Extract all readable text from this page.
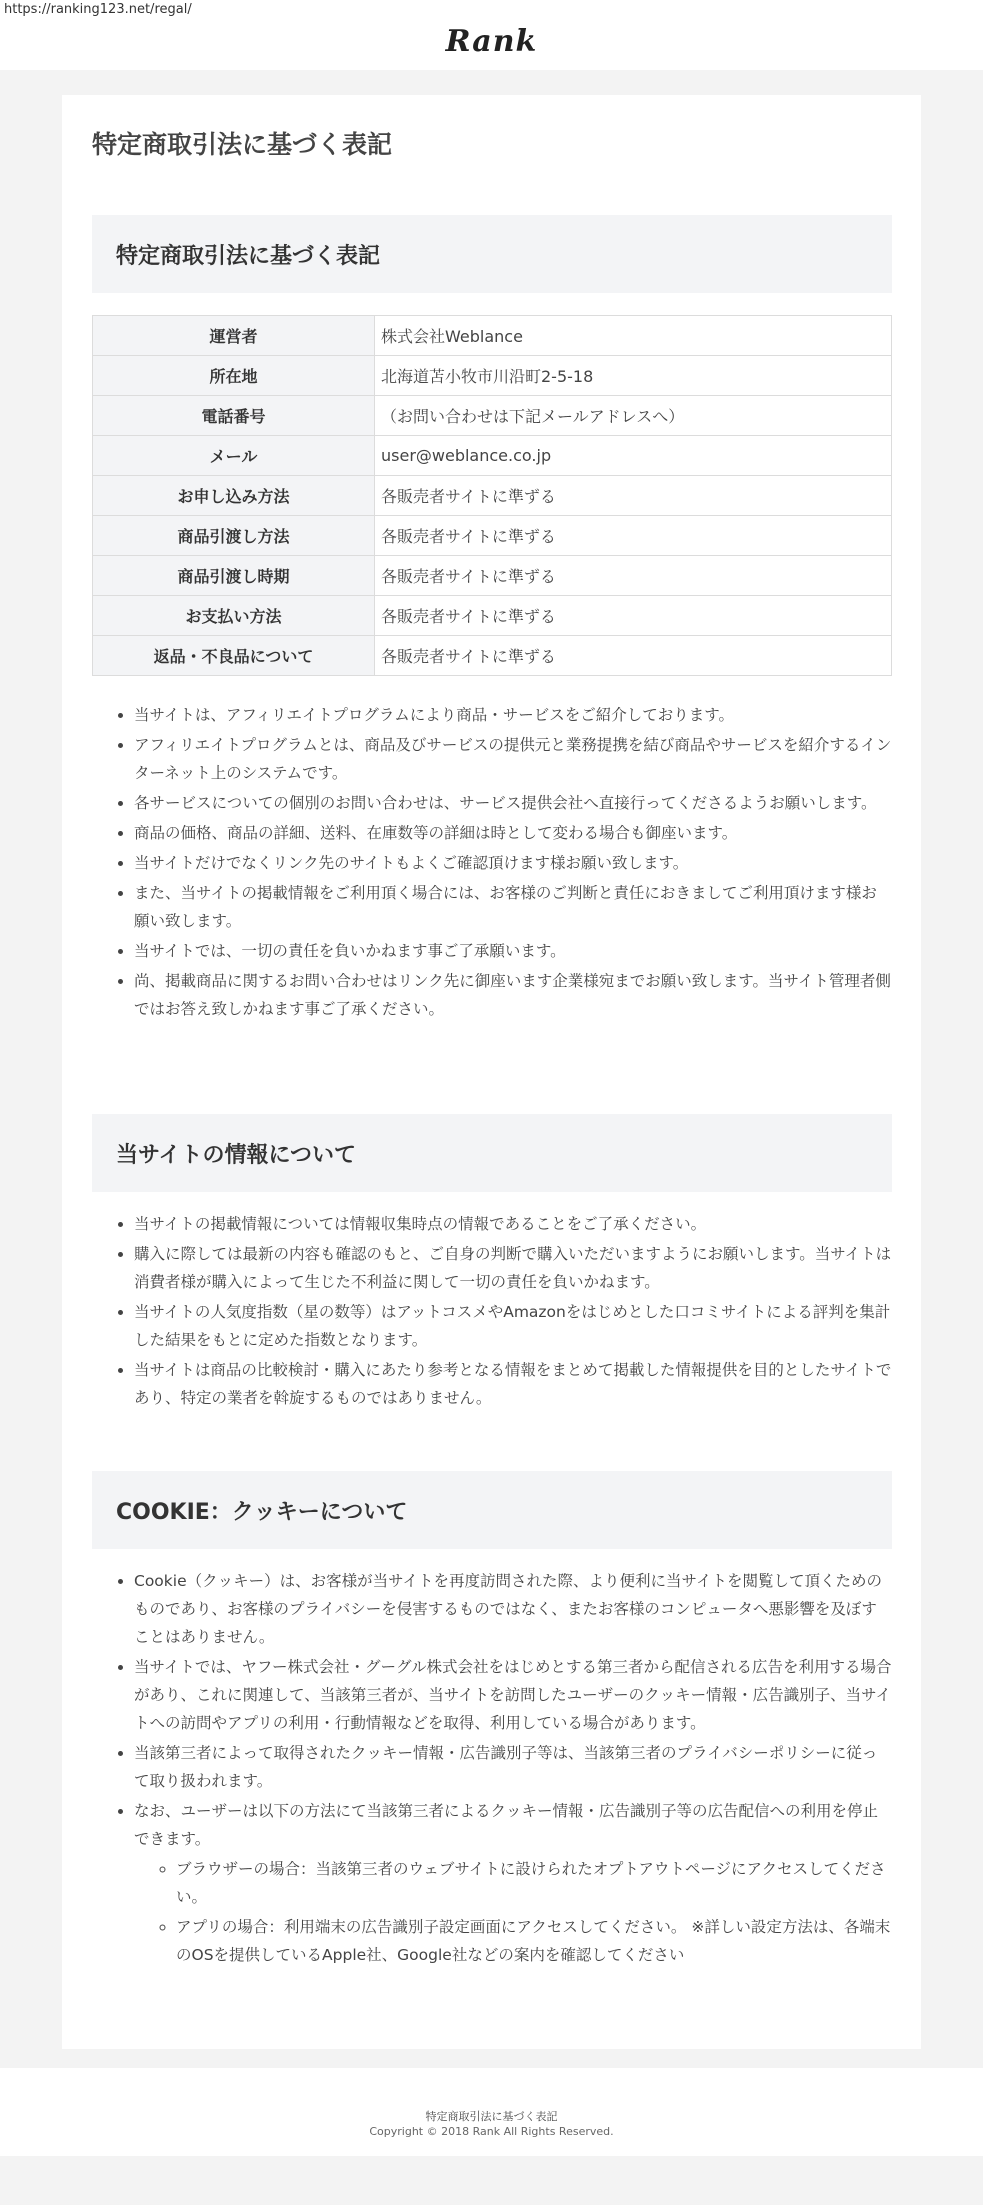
https://ranking123.net/regal/
Rank
特定商取引法に基づく表記
特定商取引法に基づく表記
運営者	株式会社Weblance
所在地	北海道苫小牧市川沿町2-5-18
電話番号	（お問い合わせは下記メールアドレスへ）
メール	user@weblance.co.jp
お申し込み方法	各販売者サイトに準ずる
商品引渡し方法	各販売者サイトに準ずる
商品引渡し時期	各販売者サイトに準ずる
お支払い方法	各販売者サイトに準ずる
返品・不良品について	各販売者サイトに準ずる
• 当サイトは、アフィリエイトプログラムにより商品・サービスをご紹介しております。
• アフィリエイトプログラムとは、商品及びサービスの提供元と業務提携を結び商品やサービスを紹介するインターネット上のシステムです。
• 各サービスについての個別のお問い合わせは、サービス提供会社へ直接行ってくださるようお願いします。
• 商品の価格、商品の詳細、送料、在庫数等の詳細は時として変わる場合も御座います。
• 当サイトだけでなくリンク先のサイトもよくご確認頂けます様お願い致します。
• また、当サイトの掲載情報をご利用頂く場合には、お客様のご判断と責任におきましてご利用頂けます様お願い致します。
• 当サイトでは、一切の責任を負いかねます事ご了承願います。
• 尚、掲載商品に関するお問い合わせはリンク先に御座います企業様宛までお願い致します。当サイト管理者側ではお答え致しかねます事ご了承ください。
当サイトの情報について
• 当サイトの掲載情報については情報収集時点の情報であることをご了承ください。
• 購入に際しては最新の内容も確認のもと、ご自身の判断で購入いただいますようにお願いします。当サイトは消費者様が購入によって生じた不利益に関して一切の責任を負いかねます。
• 当サイトの人気度指数（星の数等）はアットコスメやAmazonをはじめとした口コミサイトによる評判を集計した結果をもとに定めた指数となります。
• 当サイトは商品の比較検討・購入にあたり参考となる情報をまとめて掲載した情報提供を目的としたサイトであり、特定の業者を斡旋するものではありません。
COOKIE：クッキーについて
• Cookie（クッキー）は、お客様が当サイトを再度訪問された際、より便利に当サイトを閲覧して頂くためのものであり、お客様のプライバシーを侵害するものではなく、またお客様のコンピュータへ悪影響を及ぼすことはありません。
• 当サイトでは、ヤフー株式会社・グーグル株式会社をはじめとする第三者から配信される広告を利用する場合があり、これに関連して、当該第三者が、当サイトを訪問したユーザーのクッキー情報・広告識別子、当サイトへの訪問やアプリの利用・行動情報などを取得、利用している場合があります。
• 当該第三者によって取得されたクッキー情報・広告識別子等は、当該第三者のプライバシーポリシーに従って取り扱われます。
• なお、ユーザーは以下の方法にて当該第三者によるクッキー情報・広告識別子等の広告配信への利用を停止できます。
◦ ブラウザーの場合：当該第三者のウェブサイトに設けられたオプトアウトページにアクセスしてください。
◦ アプリの場合：利用端末の広告識別子設定画面にアクセスしてください。 ※詳しい設定方法は、各端末のOSを提供しているApple社、Google社などの案内を確認してください
特定商取引法に基づく表記
Copyright © 2018 Rank All Rights Reserved.
